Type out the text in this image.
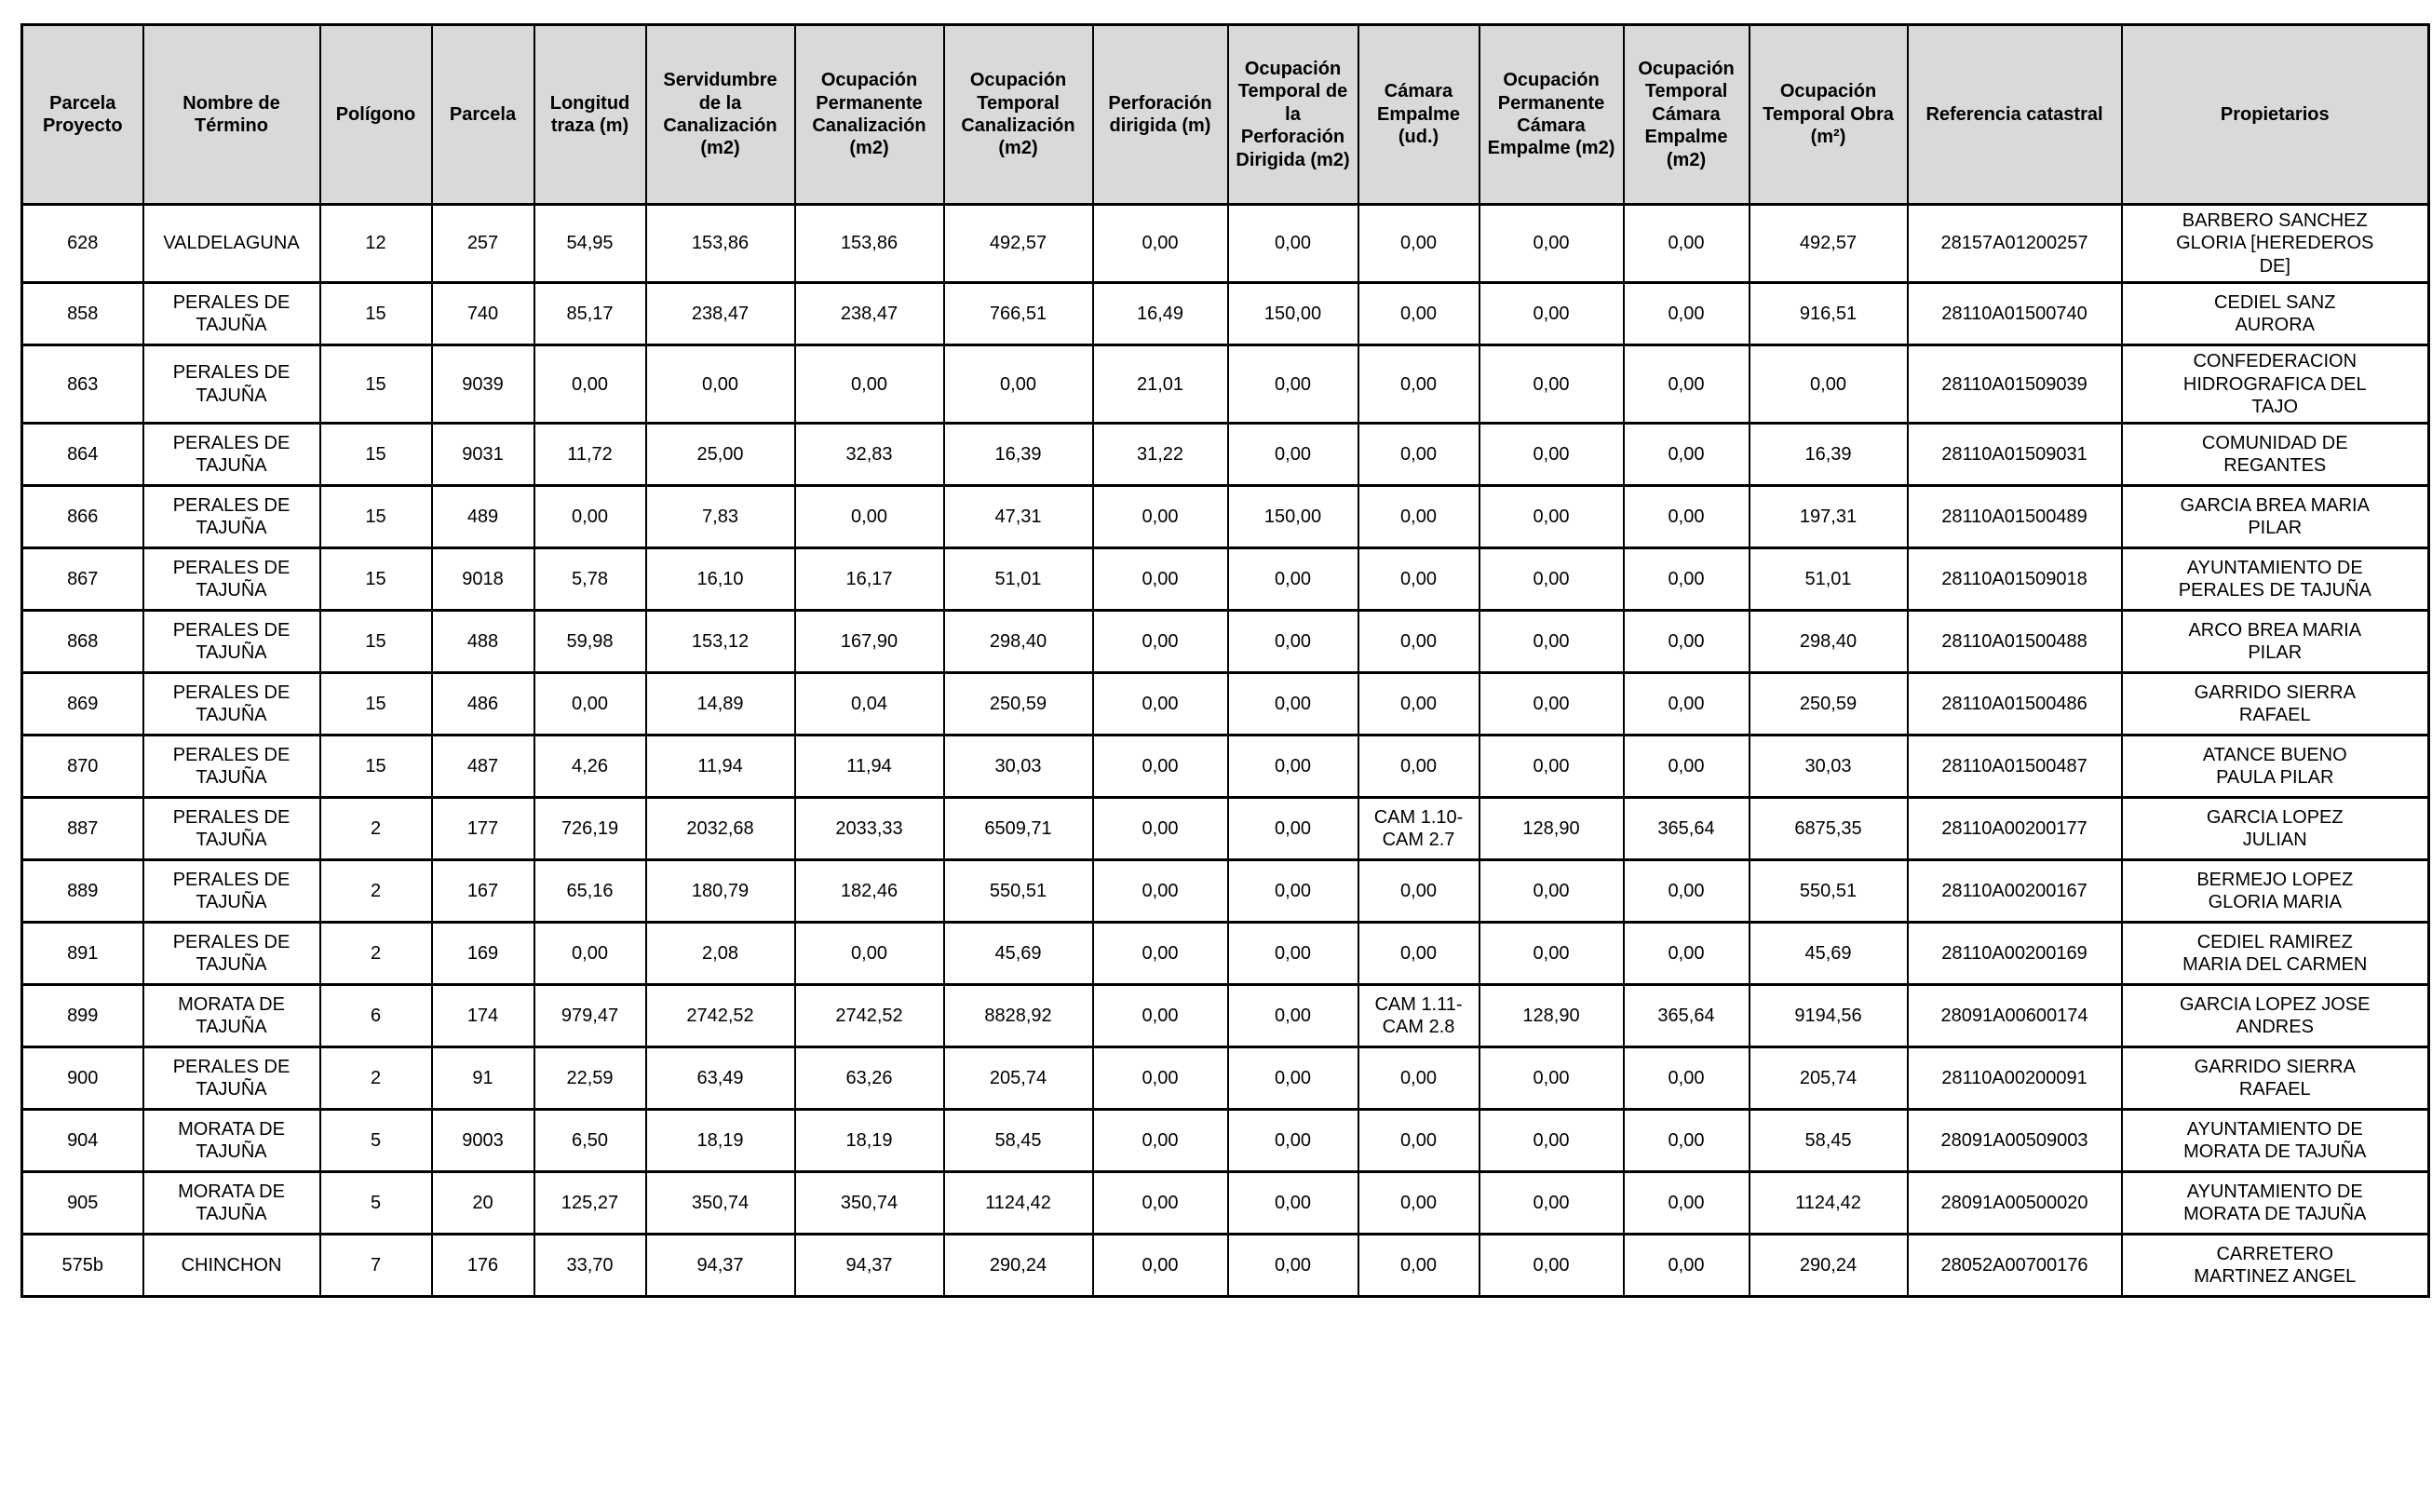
Parcela Proyecto	Nombre de Término	Polígono	Parcela	Longitud traza (m)	Servidumbre de la Canalización (m2)	Ocupación Permanente Canalización (m2)	Ocupación Temporal Canalización (m2)	Perforación dirigida (m)	Ocupación Temporal de la Perforación Dirigida (m2)	Cámara Empalme (ud.)	Ocupación Permanente Cámara Empalme (m2)	Ocupación Temporal Cámara Empalme (m2)	Ocupación Temporal Obra (m²)	Referencia catastral	Propietarios
628	VALDELAGUNA	12	257	54,95	153,86	153,86	492,57	0,00	0,00	0,00	0,00	0,00	492,57	28157A01200257	BARBERO SANCHEZ GLORIA [HEREDEROS DE]
858	PERALES DE TAJUÑA	15	740	85,17	238,47	238,47	766,51	16,49	150,00	0,00	0,00	0,00	916,51	28110A01500740	CEDIEL SANZ AURORA
863	PERALES DE TAJUÑA	15	9039	0,00	0,00	0,00	0,00	21,01	0,00	0,00	0,00	0,00	0,00	28110A01509039	CONFEDERACION HIDROGRAFICA DEL TAJO
864	PERALES DE TAJUÑA	15	9031	11,72	25,00	32,83	16,39	31,22	0,00	0,00	0,00	0,00	16,39	28110A01509031	COMUNIDAD DE REGANTES
866	PERALES DE TAJUÑA	15	489	0,00	7,83	0,00	47,31	0,00	150,00	0,00	0,00	0,00	197,31	28110A01500489	GARCIA BREA MARIA PILAR
867	PERALES DE TAJUÑA	15	9018	5,78	16,10	16,17	51,01	0,00	0,00	0,00	0,00	0,00	51,01	28110A01509018	AYUNTAMIENTO DE PERALES DE TAJUÑA
868	PERALES DE TAJUÑA	15	488	59,98	153,12	167,90	298,40	0,00	0,00	0,00	0,00	0,00	298,40	28110A01500488	ARCO BREA MARIA PILAR
869	PERALES DE TAJUÑA	15	486	0,00	14,89	0,04	250,59	0,00	0,00	0,00	0,00	0,00	250,59	28110A01500486	GARRIDO SIERRA RAFAEL
870	PERALES DE TAJUÑA	15	487	4,26	11,94	11,94	30,03	0,00	0,00	0,00	0,00	0,00	30,03	28110A01500487	ATANCE BUENO PAULA PILAR
887	PERALES DE TAJUÑA	2	177	726,19	2032,68	2033,33	6509,71	0,00	0,00	CAM 1.10- CAM 2.7	128,90	365,64	6875,35	28110A00200177	GARCIA LOPEZ JULIAN
889	PERALES DE TAJUÑA	2	167	65,16	180,79	182,46	550,51	0,00	0,00	0,00	0,00	0,00	550,51	28110A00200167	BERMEJO LOPEZ GLORIA MARIA
891	PERALES DE TAJUÑA	2	169	0,00	2,08	0,00	45,69	0,00	0,00	0,00	0,00	0,00	45,69	28110A00200169	CEDIEL RAMIREZ MARIA DEL CARMEN
899	MORATA DE TAJUÑA	6	174	979,47	2742,52	2742,52	8828,92	0,00	0,00	CAM 1.11- CAM 2.8	128,90	365,64	9194,56	28091A00600174	GARCIA LOPEZ JOSE ANDRES
900	PERALES DE TAJUÑA	2	91	22,59	63,49	63,26	205,74	0,00	0,00	0,00	0,00	0,00	205,74	28110A00200091	GARRIDO SIERRA RAFAEL
904	MORATA DE TAJUÑA	5	9003	6,50	18,19	18,19	58,45	0,00	0,00	0,00	0,00	0,00	58,45	28091A00509003	AYUNTAMIENTO DE MORATA DE TAJUÑA
905	MORATA DE TAJUÑA	5	20	125,27	350,74	350,74	1124,42	0,00	0,00	0,00	0,00	0,00	1124,42	28091A00500020	AYUNTAMIENTO DE MORATA DE TAJUÑA
575b	CHINCHON	7	176	33,70	94,37	94,37	290,24	0,00	0,00	0,00	0,00	0,00	290,24	28052A00700176	CARRETERO MARTINEZ ANGEL
